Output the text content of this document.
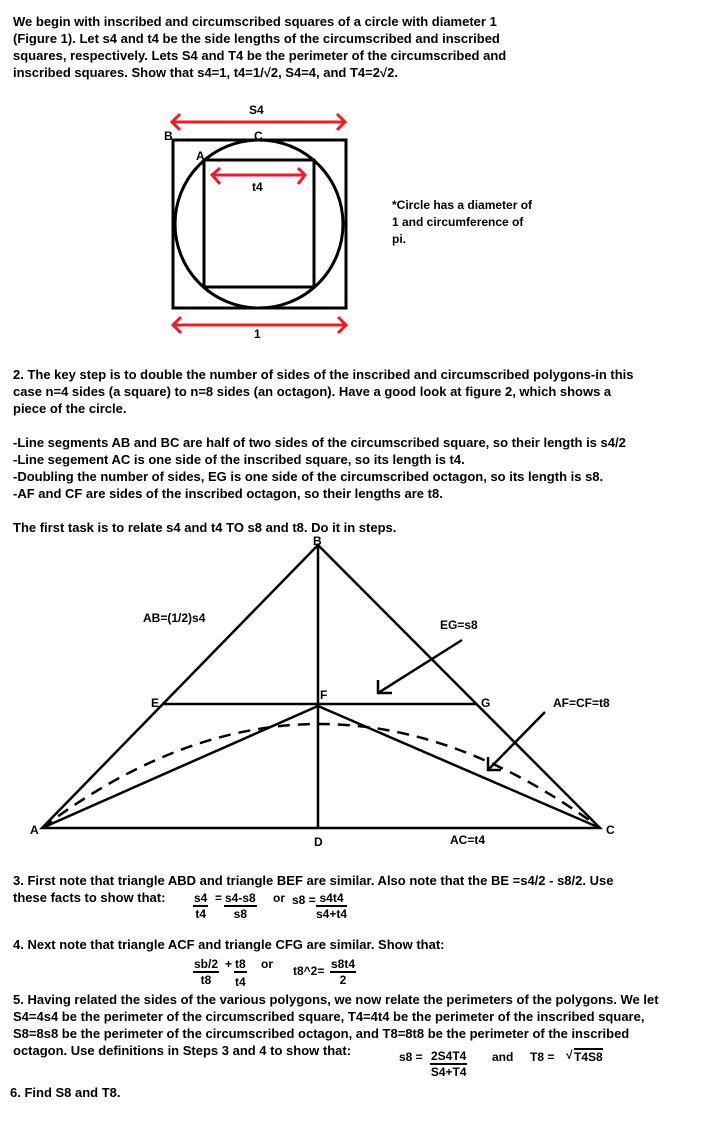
We begin with inscribed and circumscribed squares of a circle with diameter 1
(Figure 1). Let s4 and t4 be the side lengths of the circumscribed and inscribed
squares, respectively. Lets S4 and T4 be the perimeter of the circumscribed and
inscribed squares. Show that s4=1, t4=1/√2, S4=4, and T4=2√2.
S4
B	C
A
t4
1
*Circle has a diameter of
1 and circumference of
pi.
2. The key step is to double the number of sides of the inscribed and circumscribed polygons-in this
case n=4 sides (a square) to n=8 sides (an octagon). Have a good look at figure 2, which shows a
piece of the circle.
-Line segments AB and BC are half of two sides of the circumscribed square, so their length is s4/2
-Line segement AC is one side of the inscribed square, so its length is t4.
-Doubling the number of sides, EG is one side of the circumscribed octagon, so its length is s8.
-AF and CF are sides of the inscribed octagon, so their lengths are t8.
The first task is to relate s4 and t4 TO s8 and t8. Do it in steps.
B
A	C
D
E
F
G
AB=(1/2)s4	EG=s8
AF=CF=t8
AC=t4
3. First note that triangle ABD and triangle BEF are similar. Also note that the BE =s4/2 - s8/2. Use
these facts to show that:	$\frac{s4}{t4} = \frac{s4-s8}{s8}$ or $s8 = \frac{s4t4}{s4+t4}$
4. Next note that triangle ACF and triangle CFG are similar. Show that:
$\frac{sb/2}{t8} + \frac{t8}{t4}$ or t8^2= $\frac{s8t4}{2}$
5. Having related the sides of the various polygons, we now relate the perimeters of the polygons. We let
S4=4s4 be the perimeter of the circumscribed square, T4=4t4 be the perimeter of the inscribed square,
S8=8s8 be the perimeter of the circumscribed octagon, and T8=8t8 be the perimeter of the inscribed
octagon. Use definitions in Steps 3 and 4 to show that:	$s8 = \frac{2S4T4}{S4+T4}$ and T8 = √ T4S8
6. Find S8 and T8.
